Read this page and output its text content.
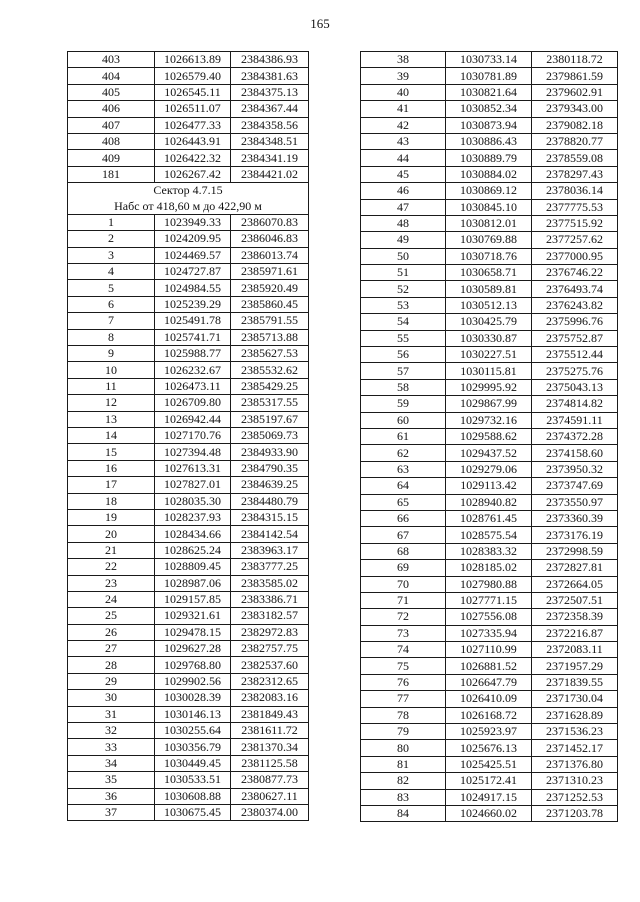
165
403	1026613.89	2384386.93
404	1026579.40	2384381.63
405	1026545.11	2384375.13
406	1026511.07	2384367.44
407	1026477.33	2384358.56
408	1026443.91	2384348.51
409	1026422.32	2384341.19
181	1026267.42	2384421.02

Сектор 4.7.15
Набс от 418,60 м до 422,90 м		

1	1023949.33	2386070.83
2	1024209.95	2386046.83
3	1024469.57	2386013.74
4	1024727.87	2385971.61
5	1024984.55	2385920.49
6	1025239.29	2385860.45
7	1025491.78	2385791.55
8	1025741.71	2385713.88
9	1025988.77	2385627.53
10	1026232.67	2385532.62
11	1026473.11	2385429.25
12	1026709.80	2385317.55
13	1026942.44	2385197.67
14	1027170.76	2385069.73
15	1027394.48	2384933.90
16	1027613.31	2384790.35
17	1027827.01	2384639.25
18	1028035.30	2384480.79
19	1028237.93	2384315.15
20	1028434.66	2384142.54
21	1028625.24	2383963.17
22	1028809.45	2383777.25
23	1028987.06	2383585.02
24	1029157.85	2383386.71
25	1029321.61	2383182.57
26	1029478.15	2382972.83
27	1029627.28	2382757.75
28	1029768.80	2382537.60
29	1029902.56	2382312.65
30	1030028.39	2382083.16
31	1030146.13	2381849.43
32	1030255.64	2381611.72
33	1030356.79	2381370.34
34	1030449.45	2381125.58
35	1030533.51	2380877.73
36	1030608.88	2380627.11
37	1030675.45	2380374.00
38	1030733.14	2380118.72
39	1030781.89	2379861.59
40	1030821.64	2379602.91
41	1030852.34	2379343.00
42	1030873.94	2379082.18
43	1030886.43	2378820.77
44	1030889.79	2378559.08
45	1030884.02	2378297.43
46	1030869.12	2378036.14
47	1030845.10	2377775.53
48	1030812.01	2377515.92
49	1030769.88	2377257.62
50	1030718.76	2377000.95
51	1030658.71	2376746.22
52	1030589.81	2376493.74
53	1030512.13	2376243.82
54	1030425.79	2375996.76
55	1030330.87	2375752.87
56	1030227.51	2375512.44
57	1030115.81	2375275.76
58	1029995.92	2375043.13
59	1029867.99	2374814.82
60	1029732.16	2374591.11
61	1029588.62	2374372.28
62	1029437.52	2374158.60
63	1029279.06	2373950.32
64	1029113.42	2373747.69
65	1028940.82	2373550.97
66	1028761.45	2373360.39
67	1028575.54	2373176.19
68	1028383.32	2372998.59
69	1028185.02	2372827.81
70	1027980.88	2372664.05
71	1027771.15	2372507.51
72	1027556.08	2372358.39
73	1027335.94	2372216.87
74	1027110.99	2372083.11
75	1026881.52	2371957.29
76	1026647.79	2371839.55
77	1026410.09	2371730.04
78	1026168.72	2371628.89
79	1025923.97	2371536.23
80	1025676.13	2371452.17
81	1025425.51	2371376.80
82	1025172.41	2371310.23
83	1024917.15	2371252.53
84	1024660.02	2371203.78
